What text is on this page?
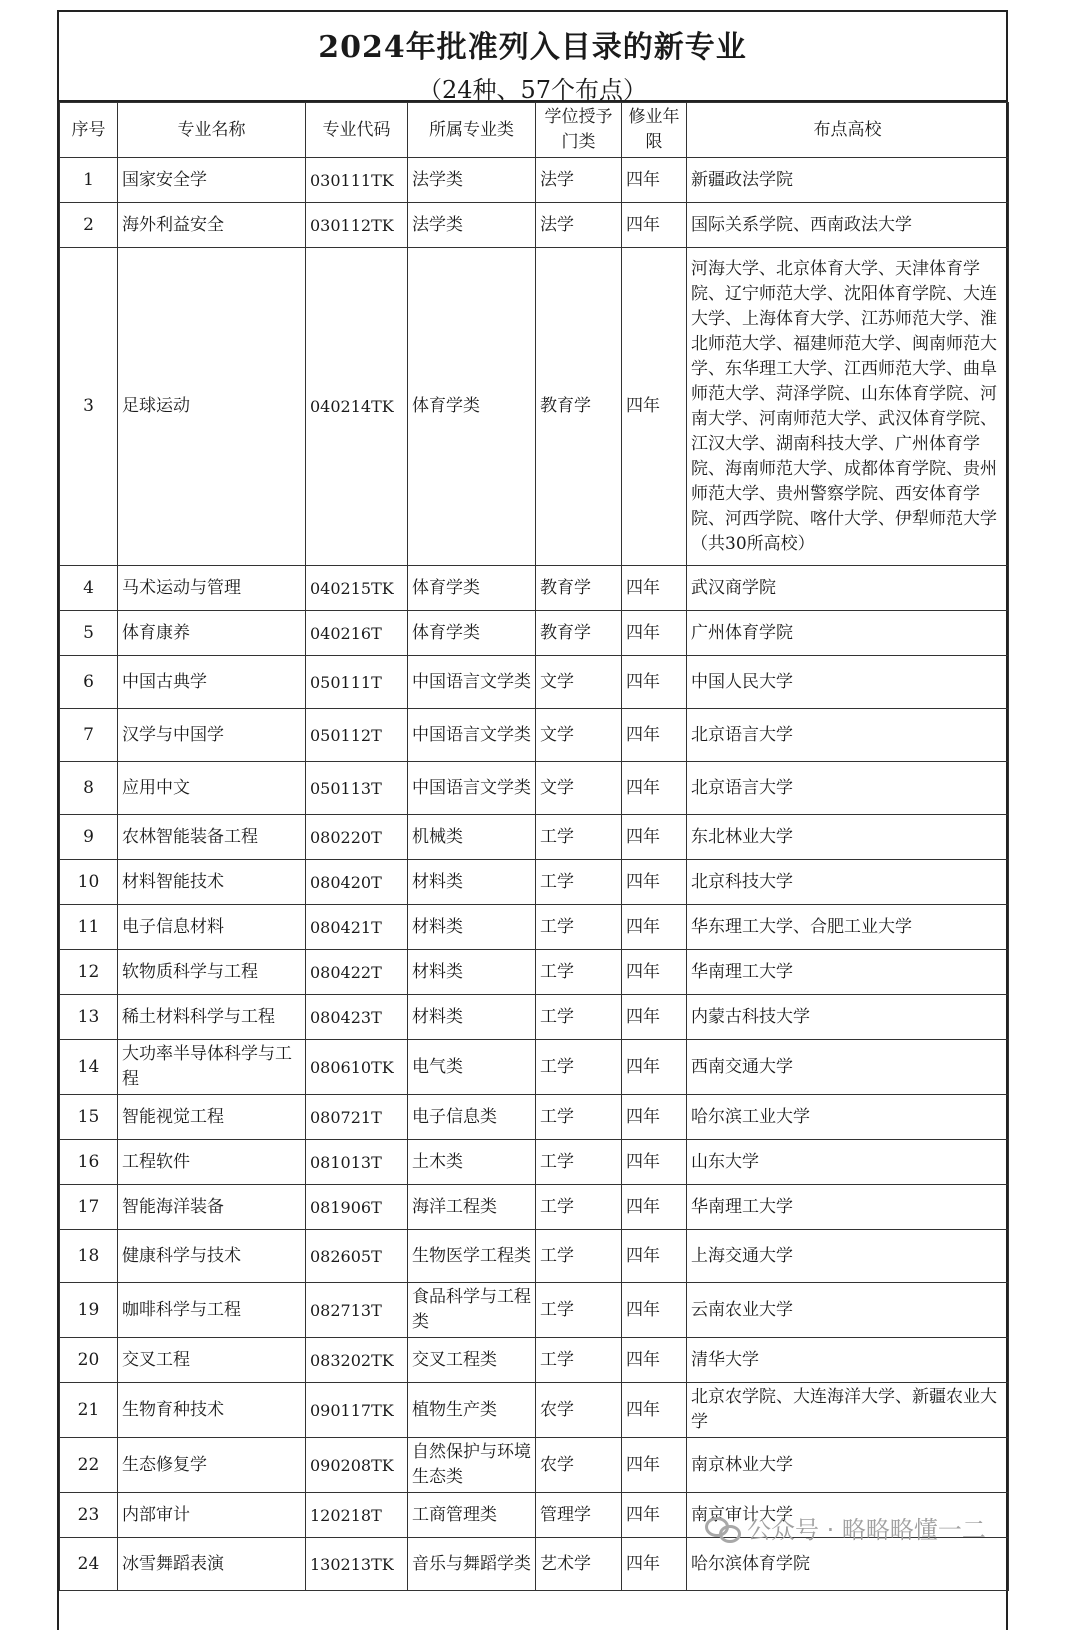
2024年批准列入目录的新专业
（24种、57个布点）
序号	专业名称	专业代码	所属专业类	学位授予门类	修业年限	布点高校
1	国家安全学	030111TK	法学类	法学	四年	新疆政法学院
2	海外利益安全	030112TK	法学类	法学	四年	国际关系学院、西南政法大学
3	足球运动	040214TK	体育学类	教育学	四年	河海大学、北京体育大学、天津体育学院、辽宁师范大学、沈阳体育学院、大连大学、上海体育大学、江苏师范大学、淮北师范大学、福建师范大学、闽南师范大学、东华理工大学、江西师范大学、曲阜师范大学、菏泽学院、山东体育学院、河南大学、河南师范大学、武汉体育学院、江汉大学、湖南科技大学、广州体育学院、海南师范大学、成都体育学院、贵州师范大学、贵州警察学院、西安体育学院、河西学院、喀什大学、伊犁师范大学（共30所高校）
4	马术运动与管理	040215TK	体育学类	教育学	四年	武汉商学院
5	体育康养	040216T	体育学类	教育学	四年	广州体育学院
6	中国古典学	050111T	中国语言文学类	文学	四年	中国人民大学
7	汉学与中国学	050112T	中国语言文学类	文学	四年	北京语言大学
8	应用中文	050113T	中国语言文学类	文学	四年	北京语言大学
9	农林智能装备工程	080220T	机械类	工学	四年	东北林业大学
10	材料智能技术	080420T	材料类	工学	四年	北京科技大学
11	电子信息材料	080421T	材料类	工学	四年	华东理工大学、合肥工业大学
12	软物质科学与工程	080422T	材料类	工学	四年	华南理工大学
13	稀土材料科学与工程	080423T	材料类	工学	四年	内蒙古科技大学
14	大功率半导体科学与工程	080610TK	电气类	工学	四年	西南交通大学
15	智能视觉工程	080721T	电子信息类	工学	四年	哈尔滨工业大学
16	工程软件	081013T	土木类	工学	四年	山东大学
17	智能海洋装备	081906T	海洋工程类	工学	四年	华南理工大学
18	健康科学与技术	082605T	生物医学工程类	工学	四年	上海交通大学
19	咖啡科学与工程	082713T	食品科学与工程类	工学	四年	云南农业大学
20	交叉工程	083202TK	交叉工程类	工学	四年	清华大学
21	生物育种技术	090117TK	植物生产类	农学	四年	北京农学院、大连海洋大学、新疆农业大学
22	生态修复学	090208TK	自然保护与环境生态类	农学	四年	南京林业大学
23	内部审计	120218T	工商管理类	管理学	四年	南京审计大学
24	冰雪舞蹈表演	130213TK	音乐与舞蹈学类	艺术学	四年	哈尔滨体育学院
公众号 · 略略略懂一二
